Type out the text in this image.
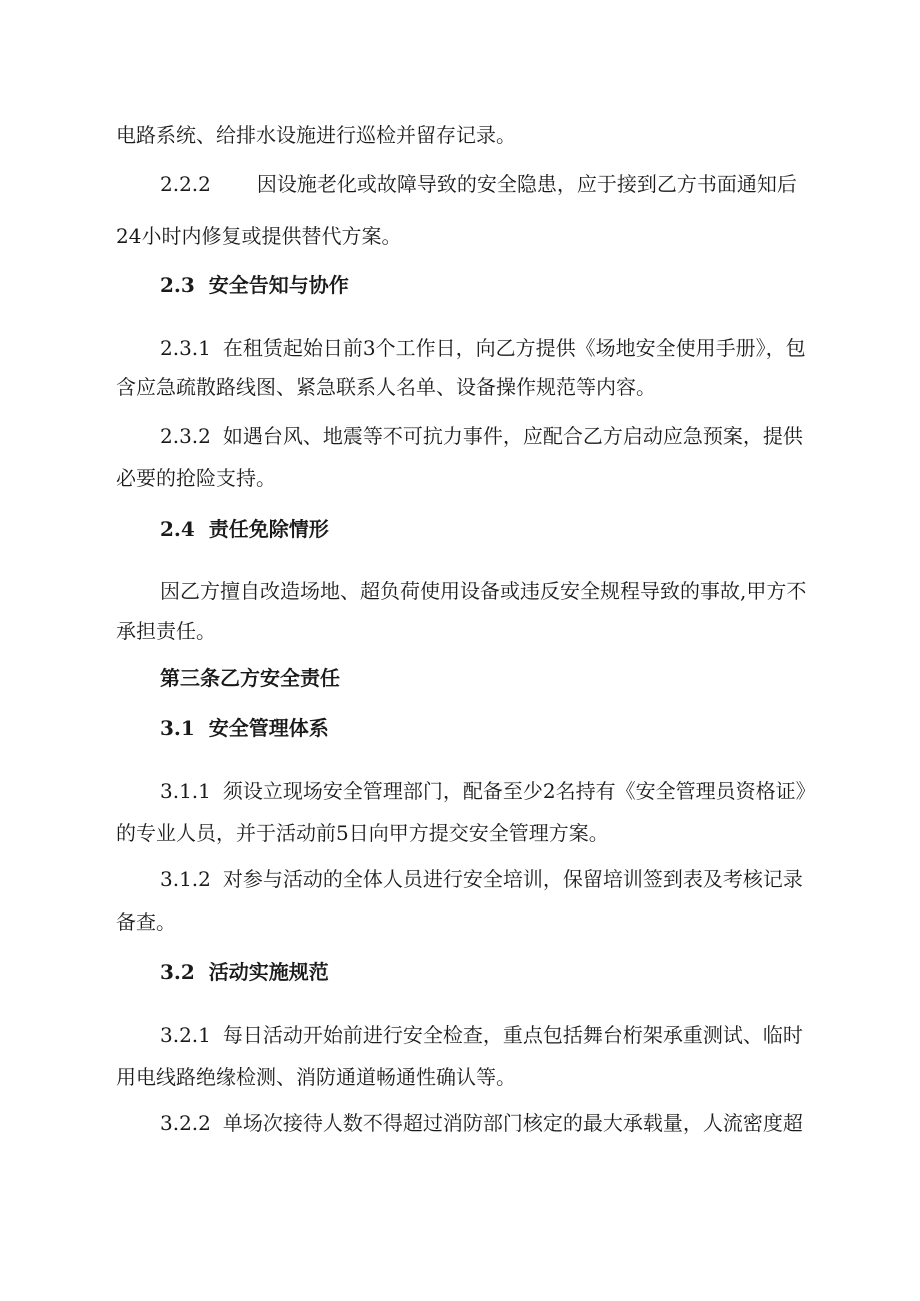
电路系统、给排水设施进行巡检并留存记录。
2.2.2 因设施老化或故障导致的安全隐患，应于接到乙方书面通知后
24小时内修复或提供替代方案。
2.3 安全告知与协作
2.3.1 在租赁起始日前3个工作日，向乙方提供《场地安全使用手册》，包
含应急疏散路线图、紧急联系人名单、设备操作规范等内容。
2.3.2 如遇台风、地震等不可抗力事件，应配合乙方启动应急预案，提供
必要的抢险支持。
2.4 责任免除情形
因乙方擅自改造场地、超负荷使用设备或违反安全规程导致的事故,甲方不
承担责任。
第三条乙方安全责任
3.1 安全管理体系
3.1.1 须设立现场安全管理部门，配备至少2名持有《安全管理员资格证》
的专业人员，并于活动前5日向甲方提交安全管理方案。
3.1.2 对参与活动的全体人员进行安全培训，保留培训签到表及考核记录
备查。
3.2 活动实施规范
3.2.1 每日活动开始前进行安全检查，重点包括舞台桁架承重测试、临时
用电线路绝缘检测、消防通道畅通性确认等。
3.2.2 单场次接待人数不得超过消防部门核定的最大承载量，人流密度超
